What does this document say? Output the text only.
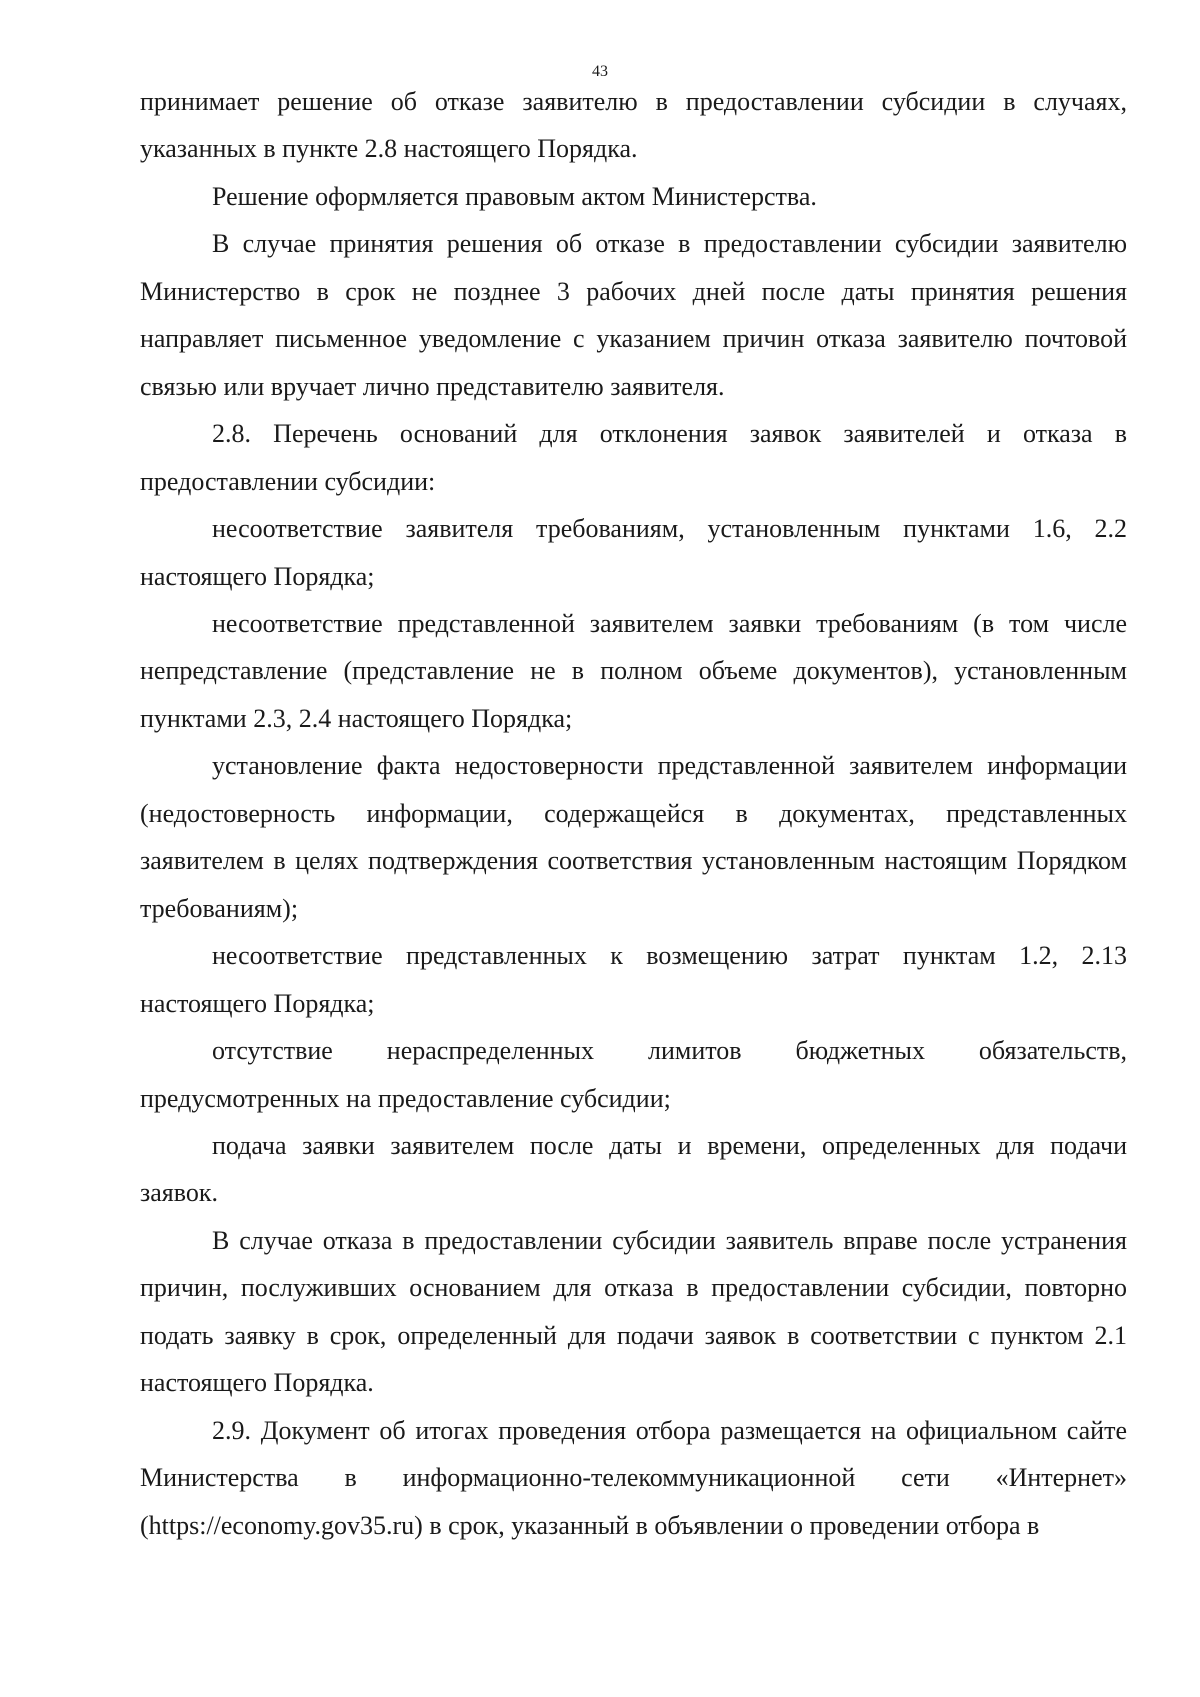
43

принимает решение об отказе заявителю в предоставлении субсидии в случаях, указанных в пункте 2.8 настоящего Порядка.

Решение оформляется правовым актом Министерства.

В случае принятия решения об отказе в предоставлении субсидии заявителю Министерство в срок не позднее 3 рабочих дней после даты принятия решения направляет письменное уведомление с указанием причин отказа заявителю почтовой связью или вручает лично представителю заявителя.

2.8. Перечень оснований для отклонения заявок заявителей и отказа в предоставлении субсидии:

несоответствие заявителя требованиям, установленным пунктами 1.6, 2.2 настоящего Порядка;

несоответствие представленной заявителем заявки требованиям (в том числе непредставление (представление не в полном объеме документов), установленным пунктами 2.3, 2.4 настоящего Порядка;

установление факта недостоверности представленной заявителем информации (недостоверность информации, содержащейся в документах, представленных заявителем в целях подтверждения соответствия установленным настоящим Порядком требованиям);

несоответствие представленных к возмещению затрат пунктам 1.2, 2.13 настоящего Порядка;

отсутствие нераспределенных лимитов бюджетных обязательств, предусмотренных на предоставление субсидии;

подача заявки заявителем после даты и времени, определенных для подачи заявок.

В случае отказа в предоставлении субсидии заявитель вправе после устранения причин, послуживших основанием для отказа в предоставлении субсидии, повторно подать заявку в срок, определенный для подачи заявок в соответствии с пунктом 2.1 настоящего Порядка.

2.9. Документ об итогах проведения отбора размещается на официальном сайте Министерства в информационно-телекоммуникационной сети «Интернет» (https://economy.gov35.ru) в срок, указанный в объявлении о проведении отбора в
